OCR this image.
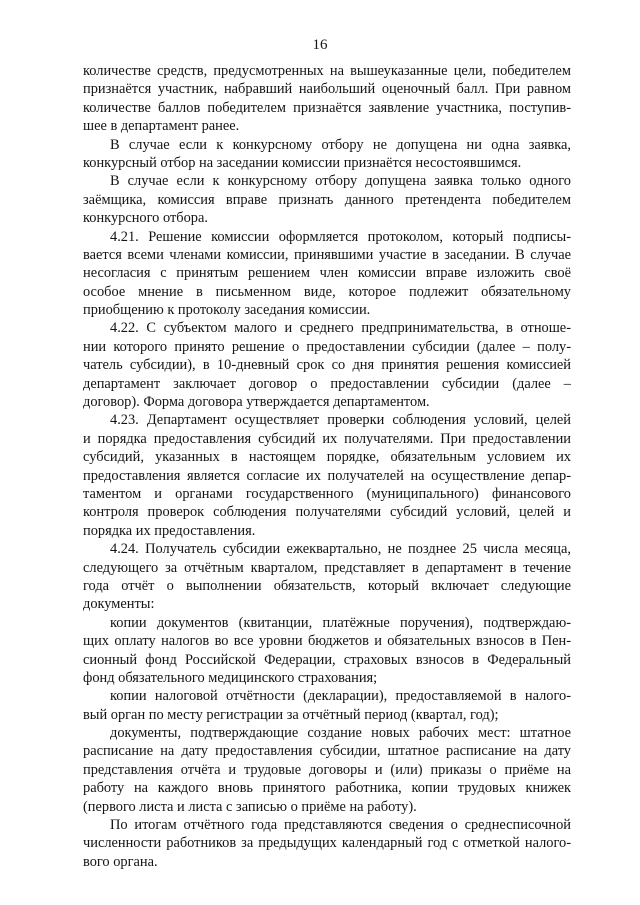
16
количестве средств, предусмотренных на вышеуказанные цели, победителем
признаётся участник, набравший наибольший оценочный балл. При равном
количестве баллов победителем признаётся заявление участника, поступив-
шее в департамент ранее.
В случае если к конкурсному отбору не допущена ни одна заявка,
конкурсный отбор на заседании комиссии признаётся несостоявшимся.
В случае если к конкурсному отбору допущена заявка только одного
заёмщика, комиссия вправе признать данного претендента победителем
конкурсного отбора.
4.21. Решение комиссии оформляется протоколом, который подписы-
вается всеми членами комиссии, принявшими участие в заседании. В случае
несогласия с принятым решением член комиссии вправе изложить своё
особое мнение в письменном виде, которое подлежит обязательному
приобщению к протоколу заседания комиссии.
4.22. С субъектом малого и среднего предпринимательства, в отноше-
нии которого принято решение о предоставлении субсидии (далее – полу-
чатель субсидии), в 10-дневный срок со дня принятия решения комиссией
департамент заключает договор о предоставлении субсидии (далее –
договор). Форма договора утверждается департаментом.
4.23. Департамент осуществляет проверки соблюдения условий, целей
и порядка предоставления субсидий их получателями. При предоставлении
субсидий, указанных в настоящем порядке, обязательным условием их
предоставления является согласие их получателей на осуществление депар-
таментом и органами государственного (муниципального) финансового
контроля проверок соблюдения получателями субсидий условий, целей и
порядка их предоставления.
4.24. Получатель субсидии ежеквартально, не позднее 25 числа месяца,
следующего за отчётным кварталом, представляет в департамент в течение
года отчёт о выполнении обязательств, который включает следующие
документы:
копии документов (квитанции, платёжные поручения), подтверждаю-
щих оплату налогов во все уровни бюджетов и обязательных взносов в Пен-
сионный фонд Российской Федерации, страховых взносов в Федеральный
фонд обязательного медицинского страхования;
копии налоговой отчётности (декларации), предоставляемой в налого-
вый орган по месту регистрации за отчётный период (квартал, год);
документы, подтверждающие создание новых рабочих мест: штатное
расписание на дату предоставления субсидии, штатное расписание на дату
представления отчёта и трудовые договоры и (или) приказы о приёме на
работу на каждого вновь принятого работника, копии трудовых книжек
(первого листа и листа с записью о приёме на работу).
По итогам отчётного года представляются сведения о среднесписочной
численности работников за предыдущих календарный год с отметкой налого-
вого органа.
